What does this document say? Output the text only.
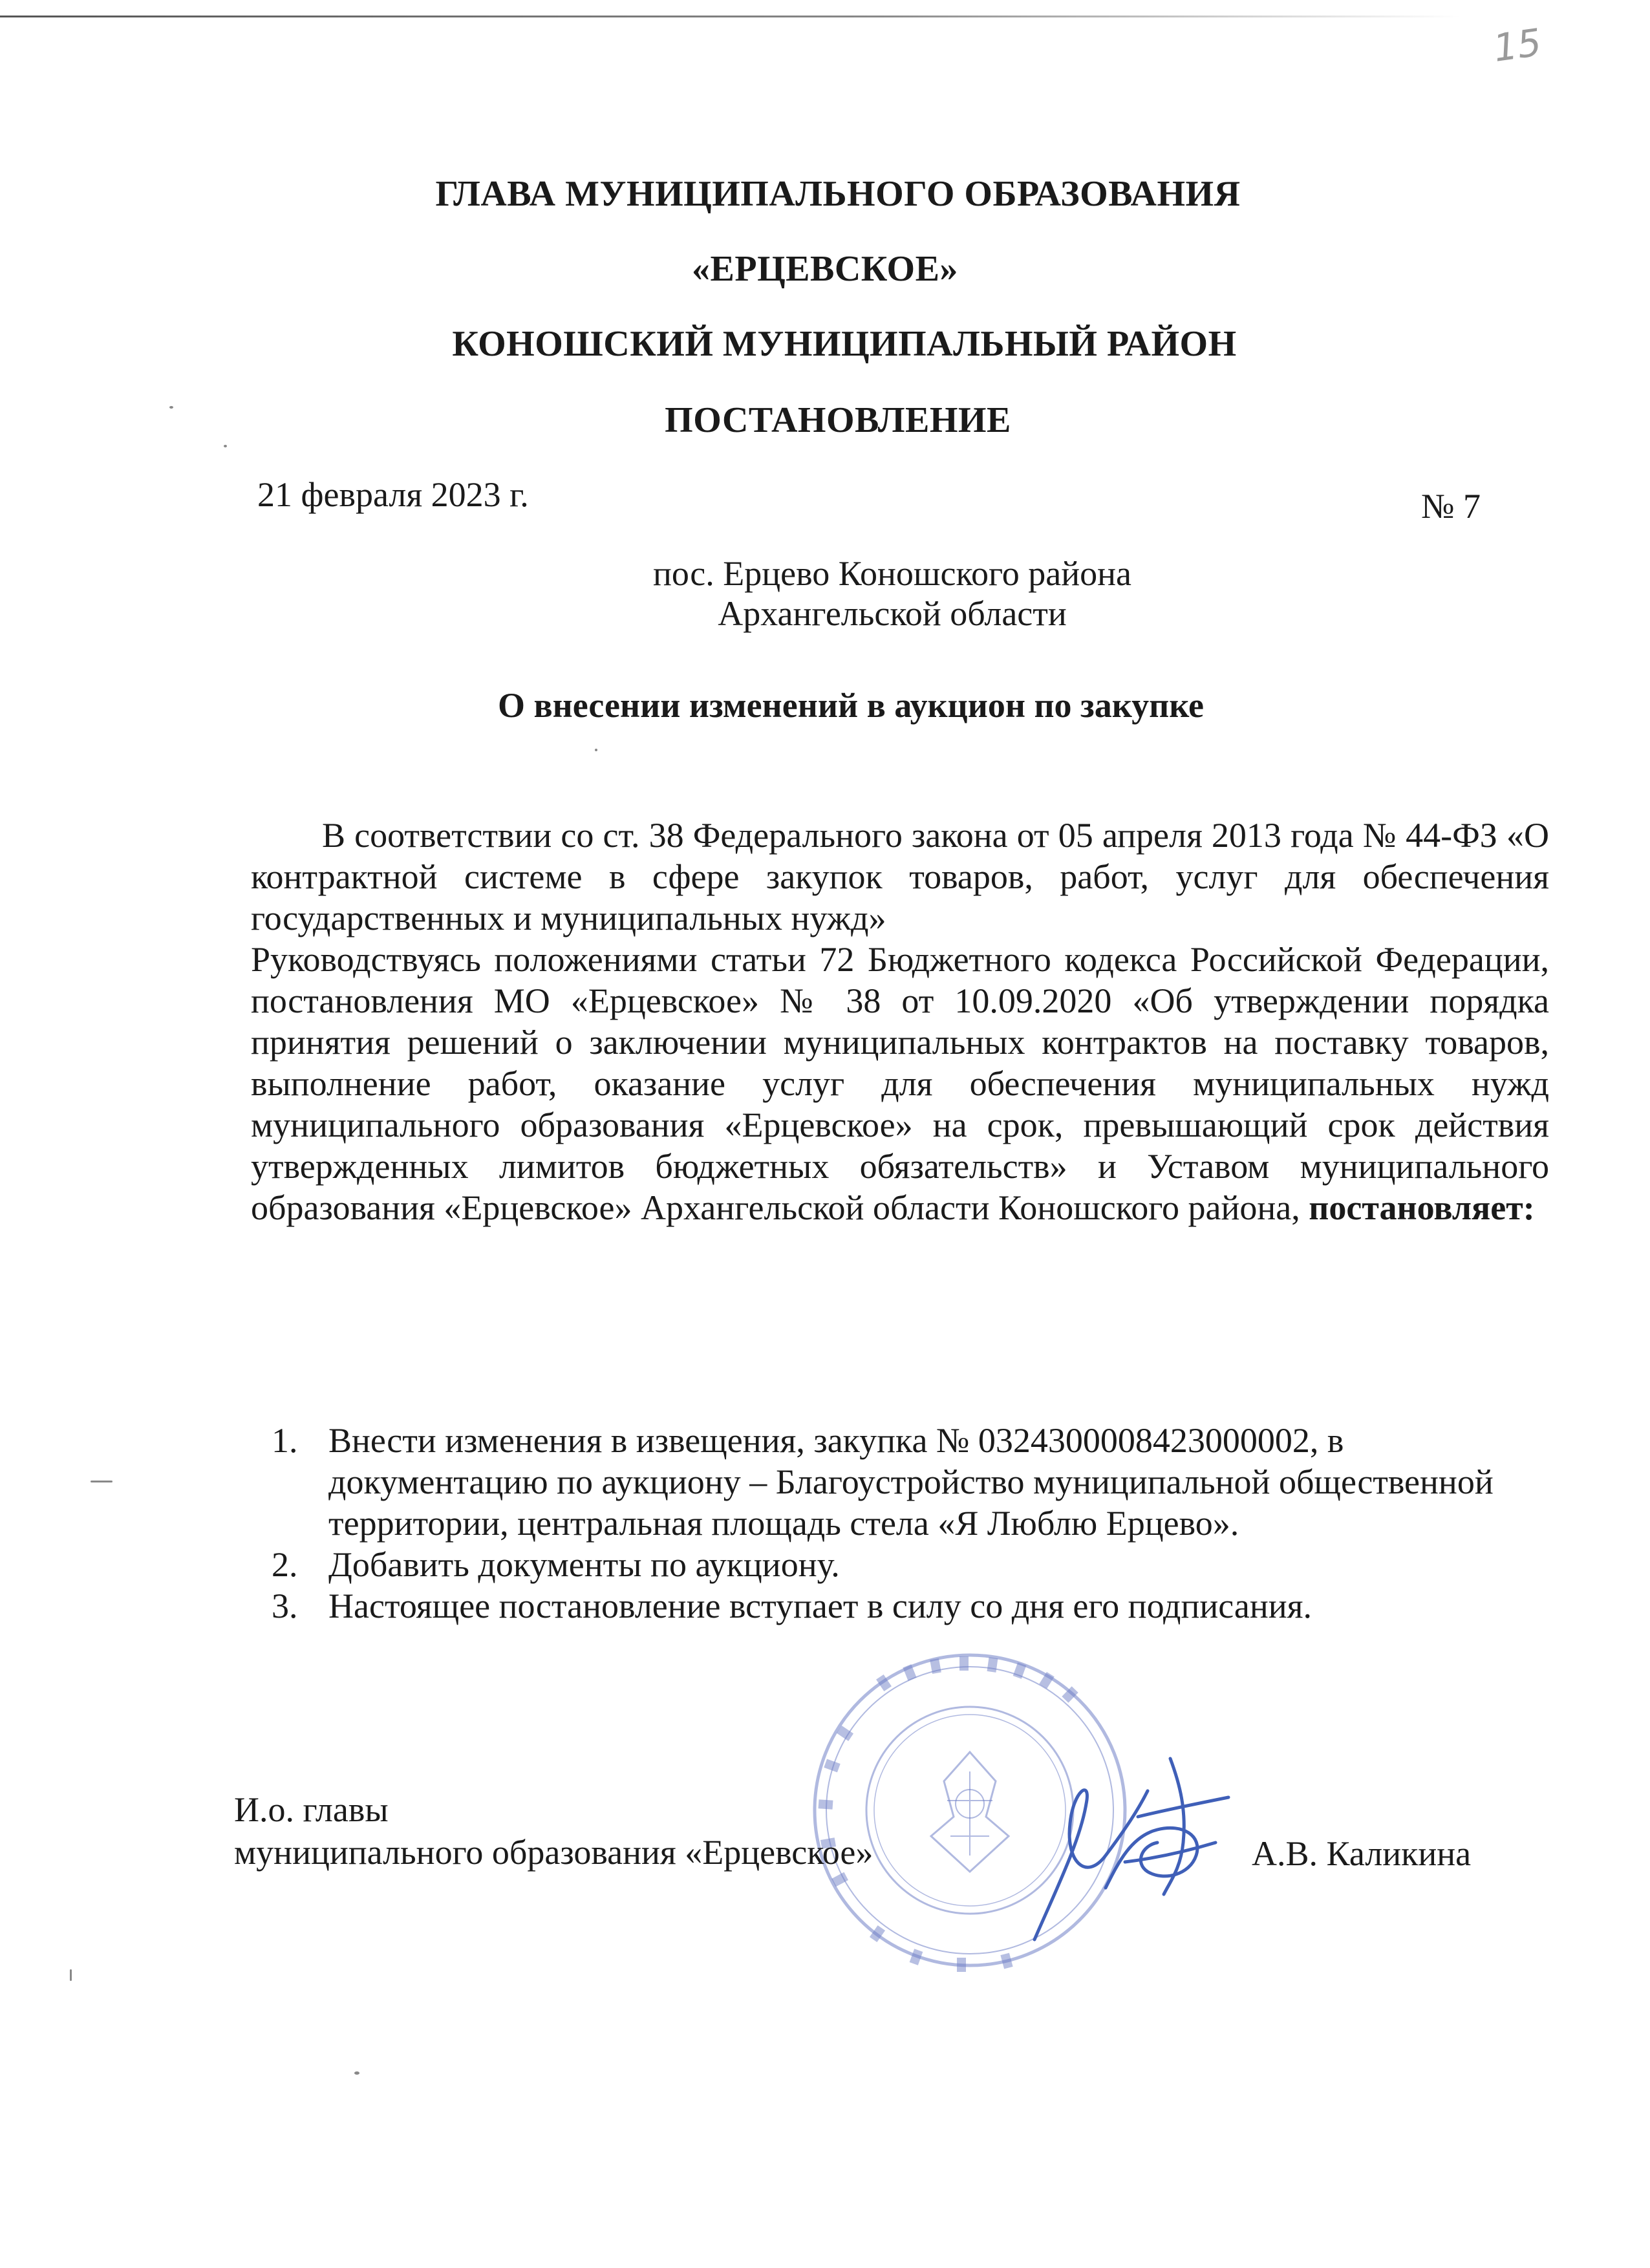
15
ГЛАВА МУНИЦИПАЛЬНОГО ОБРАЗОВАНИЯ
«ЕРЦЕВСКОЕ»
КОНОШСКИЙ МУНИЦИПАЛЬНЫЙ РАЙОН
ПОСТАНОВЛЕНИЕ
21 февраля 2023 г.	№ 7
пос. Ерцево Коношского района
Архангельской области
О внесении изменений в аукцион по закупке
В соответствии со ст. 38 Федерального закона от 05 апреля 2013 года № 44-ФЗ «О контрактной системе в сфере закупок товаров, работ, услуг для обеспечения государственных и муниципальных нужд»
Руководствуясь положениями статьи 72 Бюджетного кодекса Российской Федерации, постановления МО «Ерцевское» № 38 от 10.09.2020 «Об утверждении порядка принятия решений о заключении муниципальных контрактов на поставку товаров, выполнение работ, оказание услуг для обеспечения муниципальных нужд муниципального образования «Ерцевское» на срок, превышающий срок действия утвержденных лимитов бюджетных обязательств» и Уставом муниципального образования «Ерцевское» Архангельской области Коношского района, постановляет:
1. Внести изменения в извещения, закупка № 0324300008423000002, в документацию по аукциону – Благоустройство муниципальной общественной территории, центральная площадь стела «Я Люблю Ерцево».
2. Добавить документы по аукциону.
3. Настоящее постановление вступает в силу со дня его подписания.
И.о. главы
муниципального образования «Ерцевское»	А.В. Каликина
